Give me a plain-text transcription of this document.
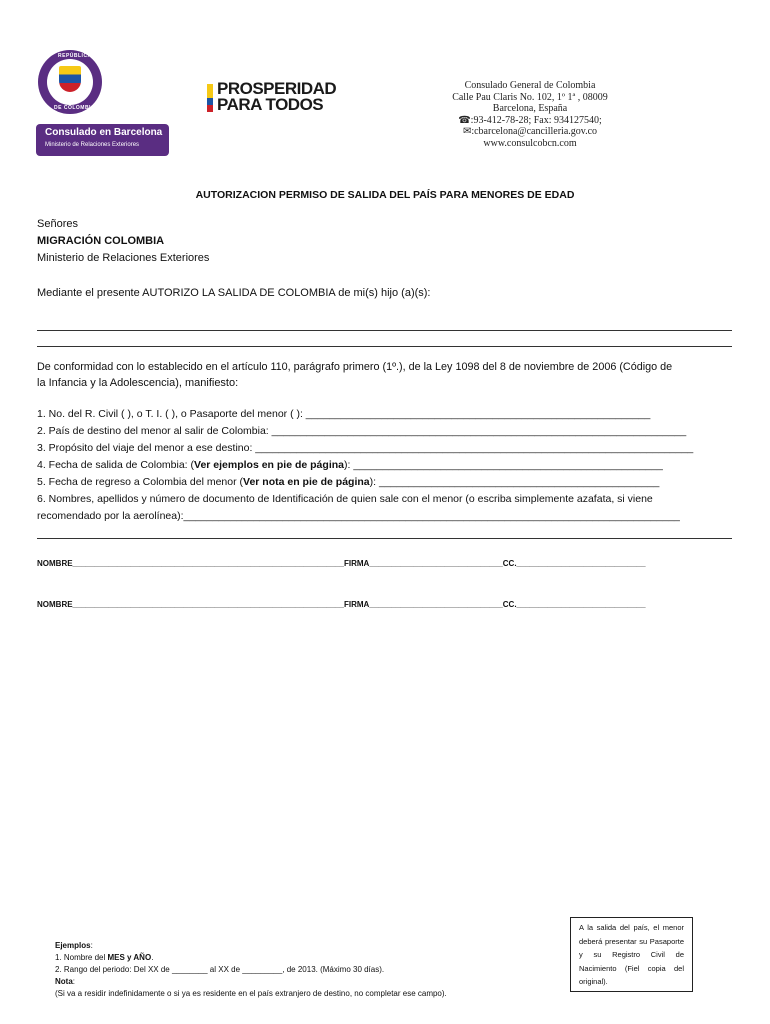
REPÚBLICA
DE COLOMBIA
Consulado en Barcelona
Ministerio de Relaciones Exteriores
PROSPERIDAD
PARA TODOS
Consulado General de Colombia
Calle Pau Claris No. 102, 1º 1ª , 08009
Barcelona, España
☎:93-412-78-28; Fax: 934127540;
✉:cbarcelona@cancilleria.gov.co
www.consulcobcn.com
AUTORIZACION PERMISO DE SALIDA DEL PAÍS PARA MENORES DE EDAD
Señores
MIGRACIÓN COLOMBIA
Ministerio de Relaciones Exteriores
Mediante el presente AUTORIZO LA SALIDA DE COLOMBIA de mi(s) hijo (a)(s):
De conformidad con lo establecido en el artículo 110, parágrafo primero (1º.), de la Ley 1098 del 8 de noviembre de 2006 (Código de
la Infancia y la Adolescencia), manifiesto:
1. No. del R. Civil ( ), o T. I. ( ), o Pasaporte del menor ( ): ___________________________________________________________
2. País de destino del menor al salir de Colombia: _______________________________________________________________________
3. Propósito del viaje del menor a ese destino: ___________________________________________________________________________
4. Fecha de salida de Colombia: (Ver ejemplos en pie de página): _____________________________________________________
5. Fecha de regreso a Colombia del menor (Ver nota en pie de página): ________________________________________________
6. Nombres, apellidos y número de documento de Identificación de quien sale con el menor (o escriba simplemente azafata, si viene
recomendado por la aerolínea):_____________________________________________________________________________________
NOMBRE_____________________________________________________________FIRMA______________________________CC._____________________________
NOMBRE_____________________________________________________________FIRMA______________________________CC._____________________________
Ejemplos:
1. Nombre del MES y AÑO.
2. Rango del periodo: Del XX de ________ al XX de _________, de 2013. (Máximo 30 días).
Nota:
(Si va a residir indefinidamente o si ya es residente en el país extranjero de destino, no completar ese campo).
A la salida del país, el menor deberá presentar su Pasaporte y su Registro Civil de Nacimiento (Fiel copia del original).
